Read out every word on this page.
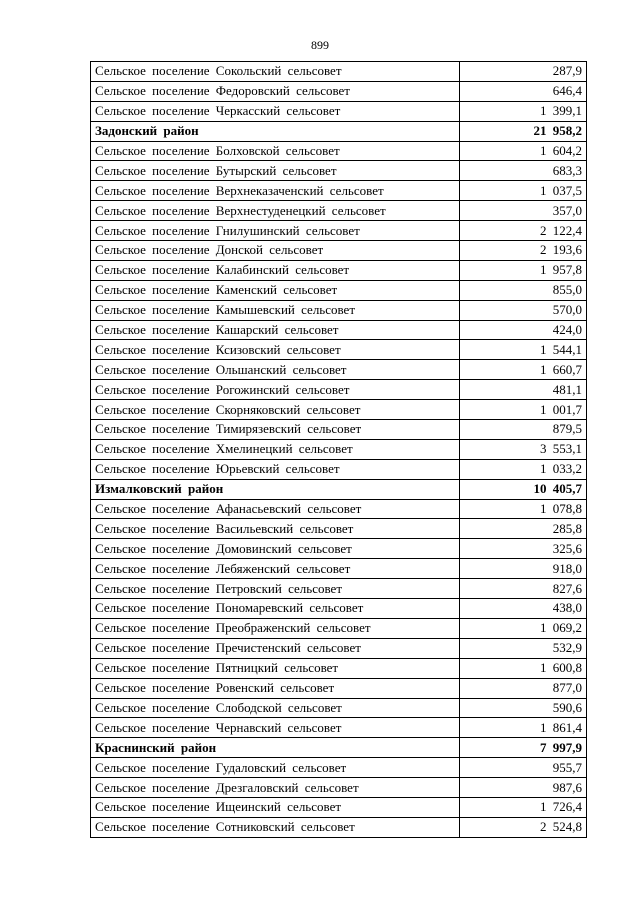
899
Сельское поселение Сокольский сельсовет	287,9
Сельское поселение Федоровский сельсовет	646,4
Сельское поселение Черкасский сельсовет	1 399,1
Задонский район	21 958,2
Сельское поселение Болховской сельсовет	1 604,2
Сельское поселение Бутырский сельсовет	683,3
Сельское поселение Верхнеказаченский сельсовет	1 037,5
Сельское поселение Верхнестуденецкий сельсовет	357,0
Сельское поселение Гнилушинский сельсовет	2 122,4
Сельское поселение Донской сельсовет	2 193,6
Сельское поселение Калабинский сельсовет	1 957,8
Сельское поселение Каменский сельсовет	855,0
Сельское поселение Камышевский сельсовет	570,0
Сельское поселение Кашарский сельсовет	424,0
Сельское поселение Ксизовский сельсовет	1 544,1
Сельское поселение Ольшанский сельсовет	1 660,7
Сельское поселение Рогожинский сельсовет	481,1
Сельское поселение Скорняковский сельсовет	1 001,7
Сельское поселение Тимирязевский сельсовет	879,5
Сельское поселение Хмелинецкий сельсовет	3 553,1
Сельское поселение Юрьевский сельсовет	1 033,2
Измалковский район	10 405,7
Сельское поселение Афанасьевский сельсовет	1 078,8
Сельское поселение Васильевский сельсовет	285,8
Сельское поселение Домовинский сельсовет	325,6
Сельское поселение Лебяженский сельсовет	918,0
Сельское поселение Петровский сельсовет	827,6
Сельское поселение Пономаревский сельсовет	438,0
Сельское поселение Преображенский сельсовет	1 069,2
Сельское поселение Пречистенский сельсовет	532,9
Сельское поселение Пятницкий сельсовет	1 600,8
Сельское поселение Ровенский сельсовет	877,0
Сельское поселение Слободской сельсовет	590,6
Сельское поселение Чернавский сельсовет	1 861,4
Краснинский район	7 997,9
Сельское поселение Гудаловский сельсовет	955,7
Сельское поселение Дрезгаловский сельсовет	987,6
Сельское поселение Ищеинский сельсовет	1 726,4
Сельское поселение Сотниковский сельсовет	2 524,8
